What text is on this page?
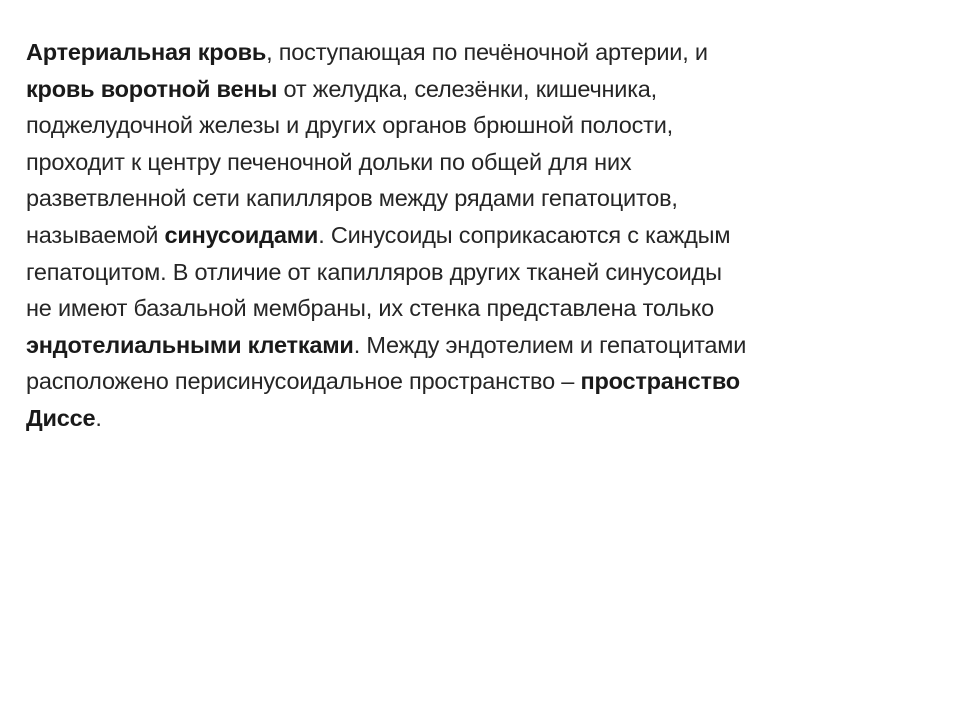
Артериальная кровь, поступающая по печёночной артерии, и
кровь воротной вены от желудка, селезёнки, кишечника,
поджелудочной железы и других органов брюшной полости,
проходит к центру печеночной дольки по общей для них
разветвленной сети капилляров между рядами гепатоцитов,
называемой синусоидами. Синусоиды соприкасаются с каждым
гепатоцитом. В отличие от капилляров других тканей синусоиды
не имеют базальной мембраны, их стенка представлена только
эндотелиальными клетками. Между эндотелием и гепатоцитами
расположено перисинусоидальное пространство – пространство
Диссе.
